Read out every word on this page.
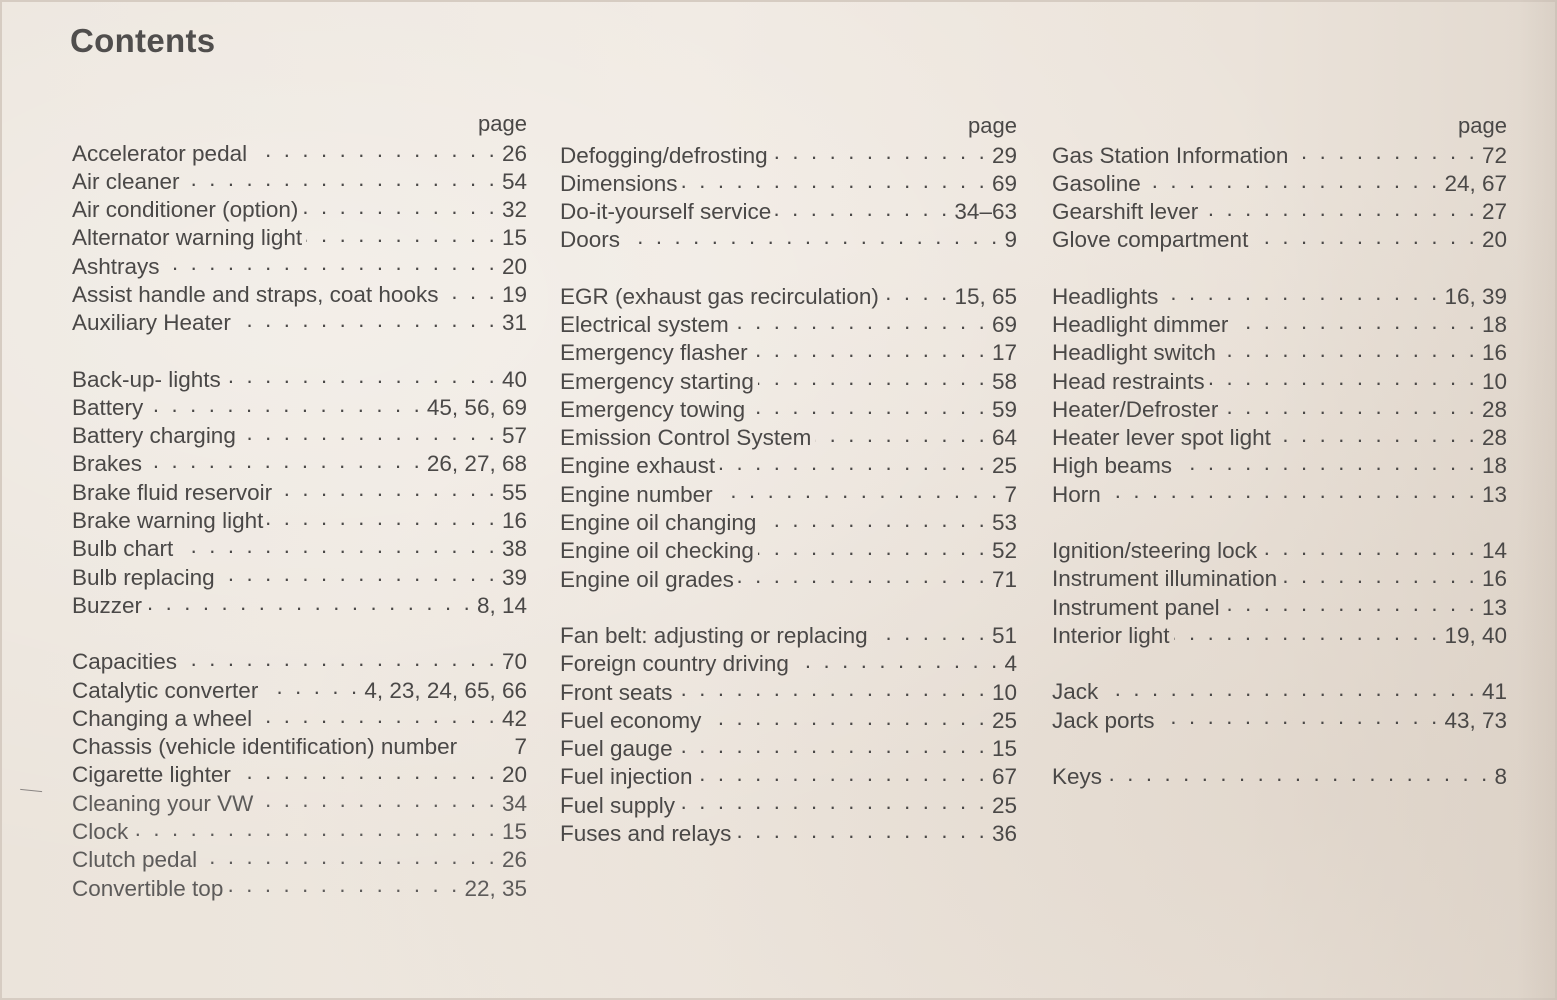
Contents
page
Accelerator pedal . . .	26
Air cleaner . . .	54
Air conditioner (option) . . .	32
Alternator warning light . . .	15
Ashtrays . . .	20
Assist handle and straps, coat hooks . . .	19
Auxiliary Heater . . .	31
Back-up- lights . . .	40
Battery . . .	45, 56, 69
Battery charging . . .	57
Brakes . . .	26, 27, 68
Brake fluid reservoir . . .	55
Brake warning light . . .	16
Bulb chart . . .	38
Bulb replacing . . .	39
Buzzer . . .	8, 14
Capacities . . .	70
Catalytic converter . . .	4, 23, 24, 65, 66
Changing a wheel . . .	42
Chassis (vehicle identification) number	7
Cigarette lighter . . .	20
Cleaning your VW . . .	34
Clock . . .	15
Clutch pedal . . .	26
Convertible top . . .	22, 35
page
Defogging/defrosting . . .	29
Dimensions . . .	69
Do-it-yourself service . . .	34–63
Doors . . .	9
EGR (exhaust gas recirculation) . . .	15, 65
Electrical system . . .	69
Emergency flasher . . .	17
Emergency starting . . .	58
Emergency towing . . .	59
Emission Control System . . .	64
Engine exhaust . . .	25
Engine number . . .	7
Engine oil changing . . .	53
Engine oil checking . . .	52
Engine oil grades . . .	71
Fan belt: adjusting or replacing . . .	51
Foreign country driving . . .	4
Front seats . . .	10
Fuel economy . . .	25
Fuel gauge . . .	15
Fuel injection . . .	67
Fuel supply . . .	25
Fuses and relays . . .	36
page
Gas Station Information . . .	72
Gasoline . . .	24, 67
Gearshift lever . . .	27
Glove compartment . . .	20
Headlights . . .	16, 39
Headlight dimmer . . .	18
Headlight switch . . .	16
Head restraints . . .	10
Heater/Defroster . . .	28
Heater lever spot light . . .	28
High beams . . .	18
Horn . . .	13
Ignition/steering lock . . .	14
Instrument illumination . . .	16
Instrument panel . . .	13
Interior light . . .	19, 40
Jack . . .	41
Jack ports . . .	43, 73
Keys . . .	8
